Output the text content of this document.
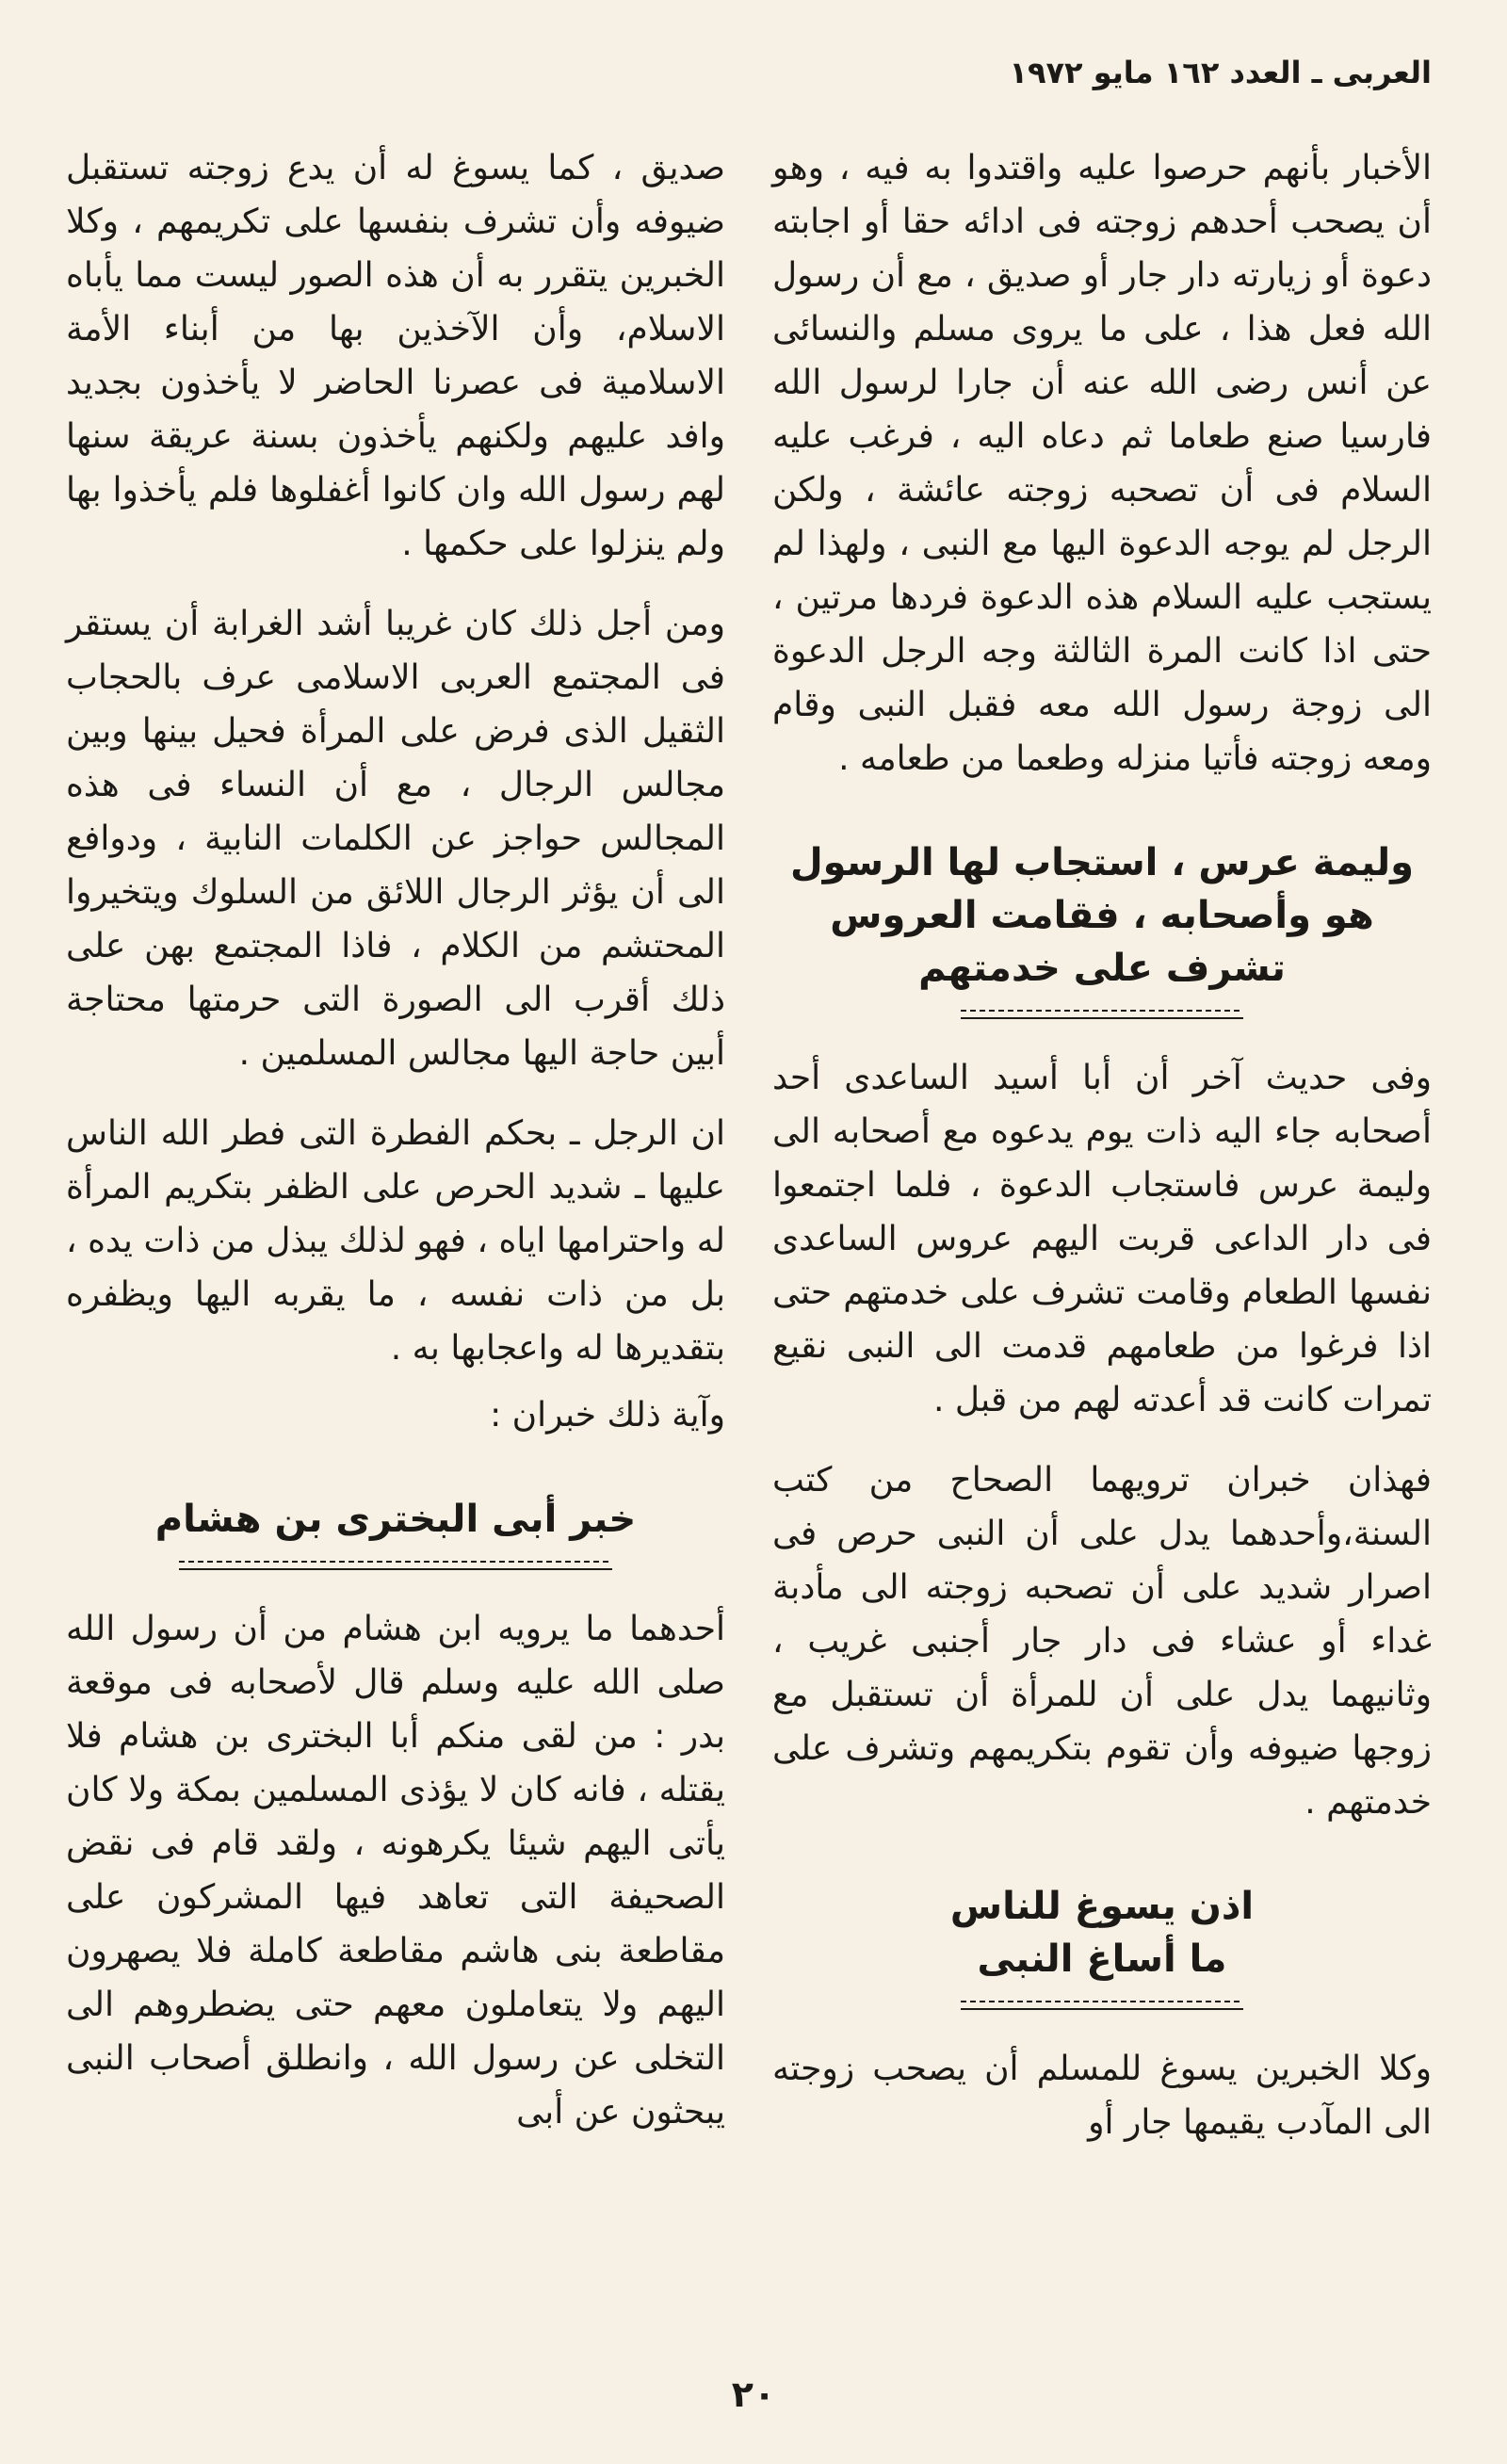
العربى ـ العدد ١٦٢ مايو ١٩٧٢

الأخبار بأنهم حرصوا عليه واقتدوا به فيه ، وهو أن يصحب أحدهم زوجته فى ادائه حقا أو اجابته دعوة أو زيارته دار جار أو صديق ، مع أن رسول الله فعل هذا ، على ما يروى مسلم والنسائى عن أنس رضى الله عنه أن جارا لرسول الله فارسيا صنع طعاما ثم دعاه اليه ، فرغب عليه السلام فى أن تصحبه زوجته عائشة ، ولكن الرجل لم يوجه الدعوة اليها مع النبى ، ولهذا لم يستجب عليه السلام هذه الدعوة فردها مرتين ، حتى اذا كانت المرة الثالثة وجه الرجل الدعوة الى زوجة رسول الله معه فقبل النبى وقام ومعه زوجته فأتيا منزله وطعما من طعامه .

وليمة عرس ، استجاب لها الرسول
هو وأصحابه ، فقامت العروس
تشرف على خدمتهم

وفى حديث آخر أن أبا أسيد الساعدى أحد أصحابه جاء اليه ذات يوم يدعوه مع أصحابه الى وليمة عرس فاستجاب الدعوة ، فلما اجتمعوا فى دار الداعى قربت اليهم عروس الساعدى نفسها الطعام وقامت تشرف على خدمتهم حتى اذا فرغوا من طعامهم قدمت الى النبى نقيع تمرات كانت قد أعدته لهم من قبل .

فهذان خبران ترويهما الصحاح من كتب السنة،وأحدهما يدل على أن النبى حرص فى اصرار شديد على أن تصحبه زوجته الى مأدبة غداء أو عشاء فى دار جار أجنبى غريب ، وثانيهما يدل على أن للمرأة أن تستقبل مع زوجها ضيوفه وأن تقوم بتكريمهم وتشرف على خدمتهم .

اذن يسوغ للناس
ما أساغ النبى

وكلا الخبرين يسوغ للمسلم أن يصحب زوجته الى المآدب يقيمها جار أو

صديق ، كما يسوغ له أن يدع زوجته تستقبل ضيوفه وأن تشرف بنفسها على تكريمهم ، وكلا الخبرين يتقرر به أن هذه الصور ليست مما يأباه الاسلام، وأن الآخذين بها من أبناء الأمة الاسلامية فى عصرنا الحاضر لا يأخذون بجديد وافد عليهم ولكنهم يأخذون بسنة عريقة سنها لهم رسول الله وان كانوا أغفلوها فلم يأخذوا بها ولم ينزلوا على حكمها .

ومن أجل ذلك كان غريبا أشد الغرابة أن يستقر فى المجتمع العربى الاسلامى عرف بالحجاب الثقيل الذى فرض على المرأة فحيل بينها وبين مجالس الرجال ، مع أن النساء فى هذه المجالس حواجز عن الكلمات النابية ، ودوافع الى أن يؤثر الرجال اللائق من السلوك ويتخيروا المحتشم من الكلام ، فاذا المجتمع بهن على ذلك أقرب الى الصورة التى حرمتها محتاجة أبين حاجة اليها مجالس المسلمين .

ان الرجل ـ بحكم الفطرة التى فطر الله الناس عليها ـ شديد الحرص على الظفر بتكريم المرأة له واحترامها اياه ، فهو لذلك يبذل من ذات يده ، بل من ذات نفسه ، ما يقربه اليها ويظفره بتقديرها له واعجابها به .

وآية ذلك خبران :

خبر أبى البخترى بن هشام

أحدهما ما يرويه ابن هشام من أن رسول الله صلى الله عليه وسلم قال لأصحابه فى موقعة بدر : من لقى منكم أبا البخترى بن هشام فلا يقتله ، فانه كان لا يؤذى المسلمين بمكة ولا كان يأتى اليهم شيئا يكرهونه ، ولقد قام فى نقض الصحيفة التى تعاهد فيها المشركون على مقاطعة بنى هاشم مقاطعة كاملة فلا يصهرون اليهم ولا يتعاملون معهم حتى يضطروهم الى التخلى عن رسول الله ، وانطلق أصحاب النبى يبحثون عن أبى

٢٠
